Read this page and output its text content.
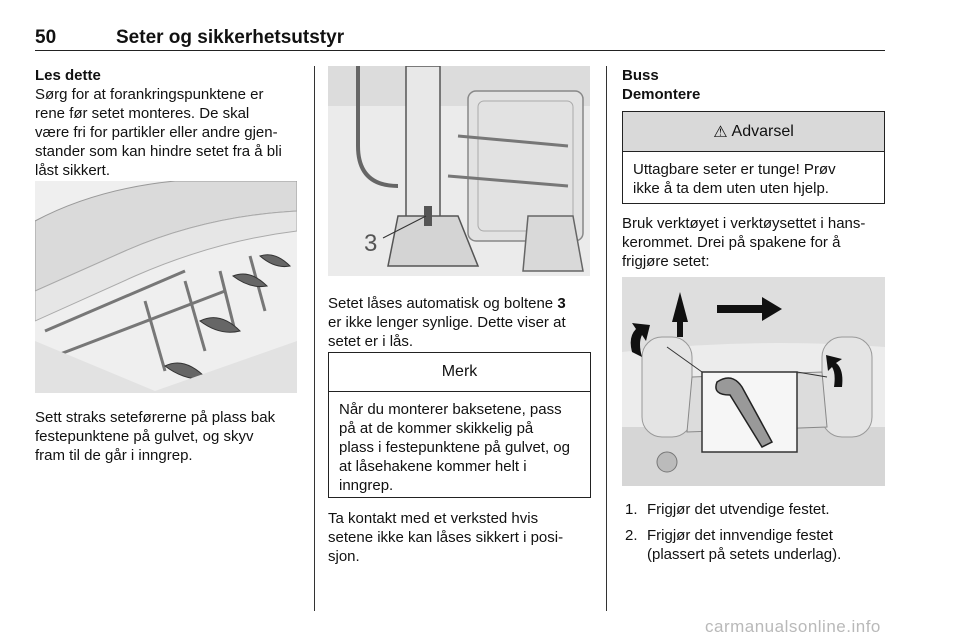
50	Seter og sikkerhetsutstyr
Les dette
Sørg for at forankringspunktene er
rene før setet monteres. De skal
være fri for partikler eller andre gjen-
stander som kan hindre setet fra å bli
låst sikkert.
Sett straks seteførerne på plass bak
festepunktene på gulvet, og skyv
fram til de går i inngrep.
3
Setet låses automatisk og boltene 3
er ikke lenger synlige. Dette viser at
setet er i lås.
Merk
Når du monterer baksetene, pass
på at de kommer skikkelig på
plass i festepunktene på gulvet, og
at låsehakene kommer helt i
inngrep.
Ta kontakt med et verksted hvis
setene ikke kan låses sikkert i posi-
sjon.
Buss
Demontere
⚠ Advarsel
Uttagbare seter er tunge! Prøv
ikke å ta dem uten uten hjelp.
Bruk verktøyet i verktøysettet i hans-
kerommet. Drei på spakene for å
frigjøre setet:
1. Frigjør det utvendige festet.
2. Frigjør det innvendige festet
(plassert på setets underlag).
carmanualsonline.info
